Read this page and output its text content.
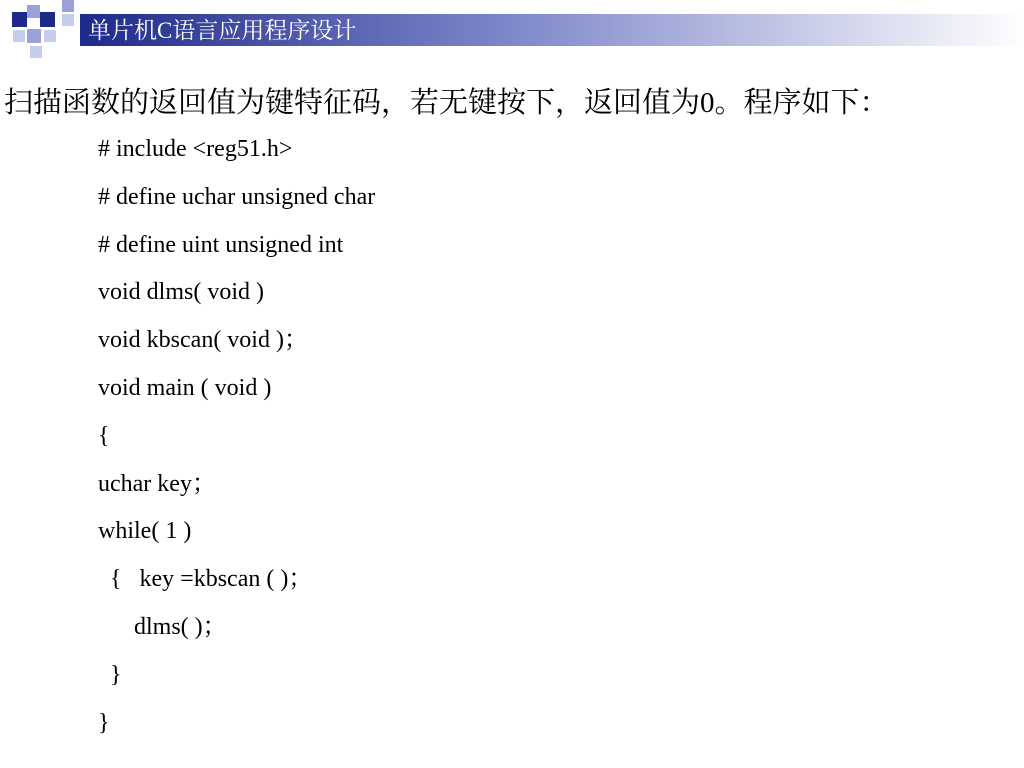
单片机C语言应用程序设计
扫描函数的返回值为键特征码，若无键按下，返回值为0。程序如下：
# include <reg51.h>
# define uchar unsigned char
# define uint unsigned int
void dlms( void )
void kbscan( void )；
void main ( void )
{
uchar key；
while( 1 )
{   key =kbscan ( )；
dlms( )；
}
}
